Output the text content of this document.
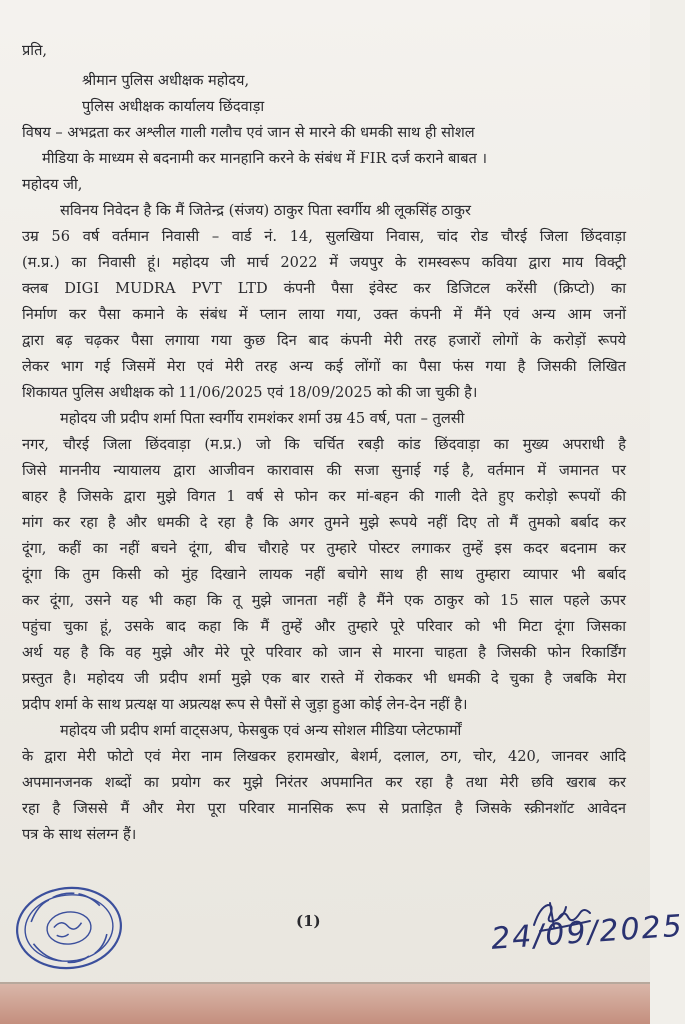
प्रति,
श्रीमान पुलिस अधीक्षक महोदय,
पुलिस अधीक्षक कार्यालय छिंदवाड़ा
विषय – अभद्रता कर अश्लील गाली गलौच एवं जान से मारने की धमकी साथ ही सोशल
मीडिया के माध्यम से बदनामी कर मानहानि करने के संबंध में FIR दर्ज कराने बाबत ।
महोदय जी,
सविनय निवेदन है कि मैं जितेन्द्र (संजय) ठाकुर पिता स्वर्गीय श्री लूकसिंह ठाकुर
उम्र 56 वर्ष वर्तमान निवासी – वार्ड नं. 14, सुलखिया निवास, चांद रोड चौरई जिला छिंदवाड़ा
(म.प्र.) का निवासी हूं। महोदय जी मार्च 2022 में जयपुर के रामस्वरूप कविया द्वारा माय विक्ट्री
क्लब DIGI MUDRA PVT LTD कंपनी पैसा इंवेस्ट कर डिजिटल करेंसी (क्रिप्टो) का
निर्माण कर पैसा कमाने के संबंध में प्लान लाया गया, उक्त कंपनी में मैंने एवं अन्य आम जनों
द्वारा बढ़ चढ़कर पैसा लगाया गया कुछ दिन बाद कंपनी मेरी तरह हजारों लोगों के करोड़ों रूपये
लेकर भाग गई जिसमें मेरा एवं मेरी तरह अन्य कई लोंगों का पैसा फंस गया है जिसकी लिखित
शिकायत पुलिस अधीक्षक को 11/06/2025 एवं 18/09/2025 को की जा चुकी है।
महोदय जी प्रदीप शर्मा पिता स्वर्गीय रामशंकर शर्मा उम्र 45 वर्ष, पता – तुलसी
नगर, चौरई जिला छिंदवाड़ा (म.प्र.) जो कि चर्चित रबड़ी कांड छिंदवाड़ा का मुख्य अपराधी है
जिसे माननीय न्यायालय द्वारा आजीवन कारावास की सजा सुनाई गई है, वर्तमान में जमानत पर
बाहर है जिसके द्वारा मुझे विगत 1 वर्ष से फोन कर मां-बहन की गाली देते हुए करोड़ो रूपयों की
मांग कर रहा है और धमकी दे रहा है कि अगर तुमने मुझे रूपये नहीं दिए तो मैं तुमको बर्बाद कर
दूंगा, कहीं का नहीं बचने दूंगा, बीच चौराहे पर तुम्हारे पोस्टर लगाकर तुम्हें इस कदर बदनाम कर
दूंगा कि तुम किसी को मुंह दिखाने लायक नहीं बचोगे साथ ही साथ तुम्हारा व्यापार भी बर्बाद
कर दूंगा, उसने यह भी कहा कि तू मुझे जानता नहीं है मैंने एक ठाकुर को 15 साल पहले ऊपर
पहुंचा चुका हूं, उसके बाद कहा कि मैं तुम्हें और तुम्हारे पूरे परिवार को भी मिटा दूंगा जिसका
अर्थ यह है कि वह मुझे और मेरे पूरे परिवार को जान से मारना चाहता है जिसकी फोन रिकार्डिंग
प्रस्तुत है। महोदय जी प्रदीप शर्मा मुझे एक बार रास्ते में रोककर भी धमकी दे चुका है जबकि मेरा
प्रदीप शर्मा के साथ प्रत्यक्ष या अप्रत्यक्ष रूप से पैसों से जुड़ा हुआ कोई लेन-देन नहीं है।
महोदय जी प्रदीप शर्मा वाट्सअप, फेसबुक एवं अन्य सोशल मीडिया प्लेटफार्मों
के द्वारा मेरी फोटो एवं मेरा नाम लिखकर हरामखोर, बेशर्म, दलाल, ठग, चोर, 420, जानवर आदि
अपमानजनक शब्दों का प्रयोग कर मुझे निरंतर अपमानित कर रहा है तथा मेरी छवि खराब कर
रहा है जिससे मैं और मेरा पूरा परिवार मानसिक रूप से प्रताड़ित है जिसके स्क्रीनशॉट आवेदन
पत्र के साथ संलग्न हैं।
(1)	24/09/2025
